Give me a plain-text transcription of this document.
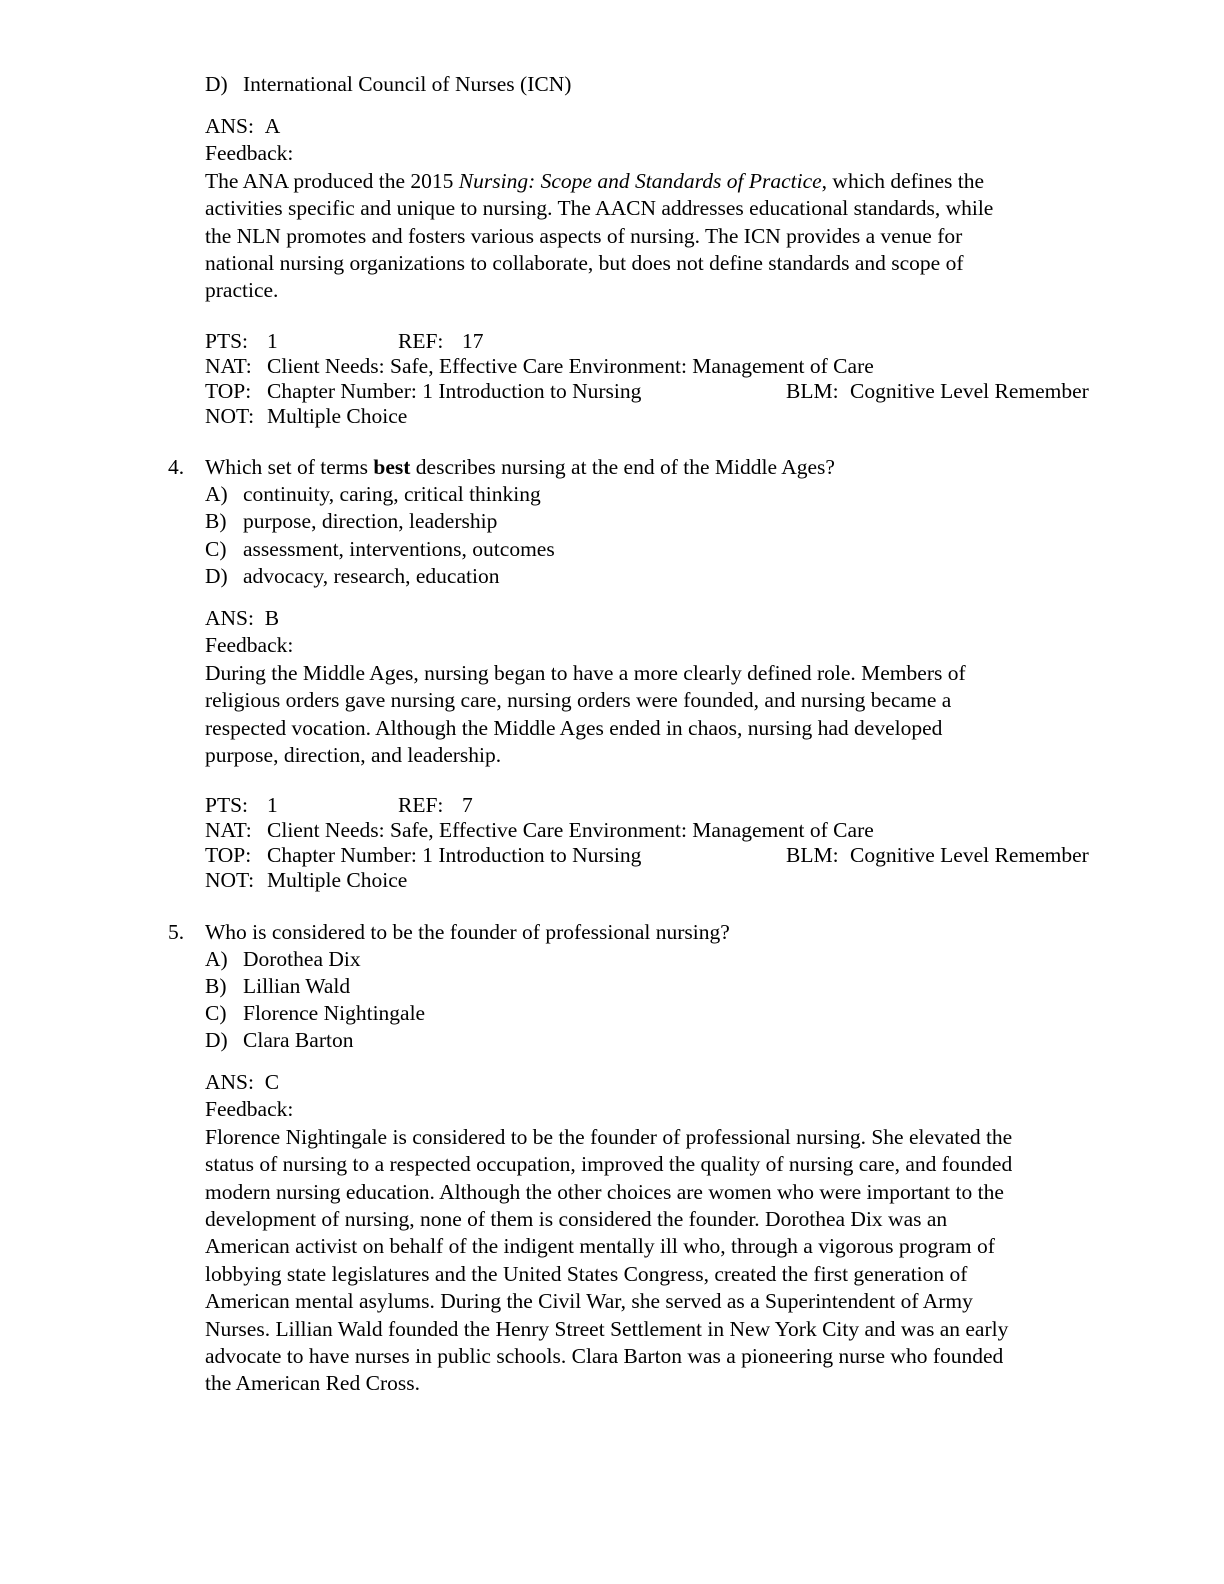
D) International Council of Nurses (ICN)
ANS: A
Feedback:
The ANA produced the 2015 Nursing: Scope and Standards of Practice, which defines the
activities specific and unique to nursing. The AACN addresses educational standards, while
the NLN promotes and fosters various aspects of nursing. The ICN provides a venue for
national nursing organizations to collaborate, but does not define standards and scope of
practice.
PTS: 1	REF: 17
NAT: Client Needs: Safe, Effective Care Environment: Management of Care
TOP: Chapter Number: 1 Introduction to Nursing	BLM: Cognitive Level Remember
NOT: Multiple Choice
4. Which set of terms best describes nursing at the end of the Middle Ages?
A) continuity, caring, critical thinking
B) purpose, direction, leadership
C) assessment, interventions, outcomes
D) advocacy, research, education
ANS: B
Feedback:
During the Middle Ages, nursing began to have a more clearly defined role. Members of
religious orders gave nursing care, nursing orders were founded, and nursing became a
respected vocation. Although the Middle Ages ended in chaos, nursing had developed
purpose, direction, and leadership.
PTS: 1	REF: 7
NAT: Client Needs: Safe, Effective Care Environment: Management of Care
TOP: Chapter Number: 1 Introduction to Nursing	BLM: Cognitive Level Remember
NOT: Multiple Choice
5. Who is considered to be the founder of professional nursing?
A) Dorothea Dix
B) Lillian Wald
C) Florence Nightingale
D) Clara Barton
ANS: C
Feedback:
Florence Nightingale is considered to be the founder of professional nursing. She elevated the
status of nursing to a respected occupation, improved the quality of nursing care, and founded
modern nursing education. Although the other choices are women who were important to the
development of nursing, none of them is considered the founder. Dorothea Dix was an
American activist on behalf of the indigent mentally ill who, through a vigorous program of
lobbying state legislatures and the United States Congress, created the first generation of
American mental asylums. During the Civil War, she served as a Superintendent of Army
Nurses. Lillian Wald founded the Henry Street Settlement in New York City and was an early
advocate to have nurses in public schools. Clara Barton was a pioneering nurse who founded
the American Red Cross.
